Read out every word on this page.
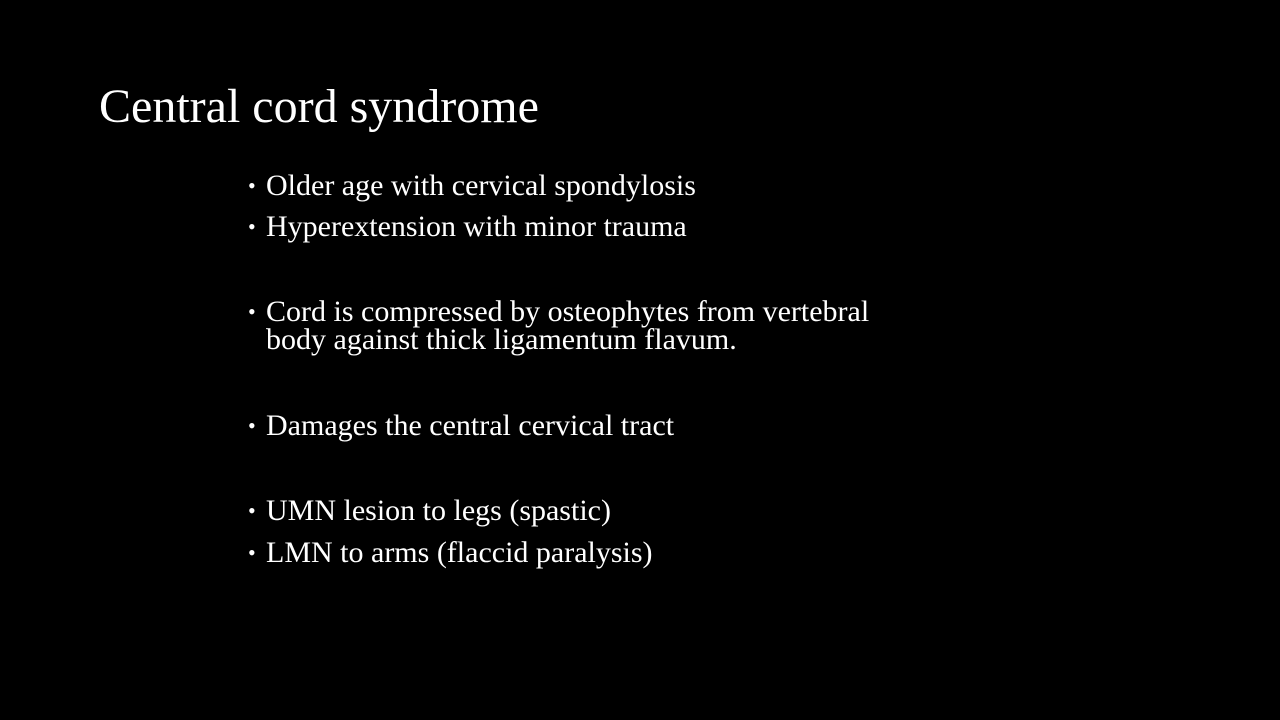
Central cord syndrome
• Older age with cervical spondylosis
• Hyperextension with minor trauma
• Cord is compressed by osteophytes from vertebral
body against thick ligamentum flavum.
• Damages the central cervical tract
• UMN lesion to legs (spastic)
• LMN to arms (flaccid paralysis)
